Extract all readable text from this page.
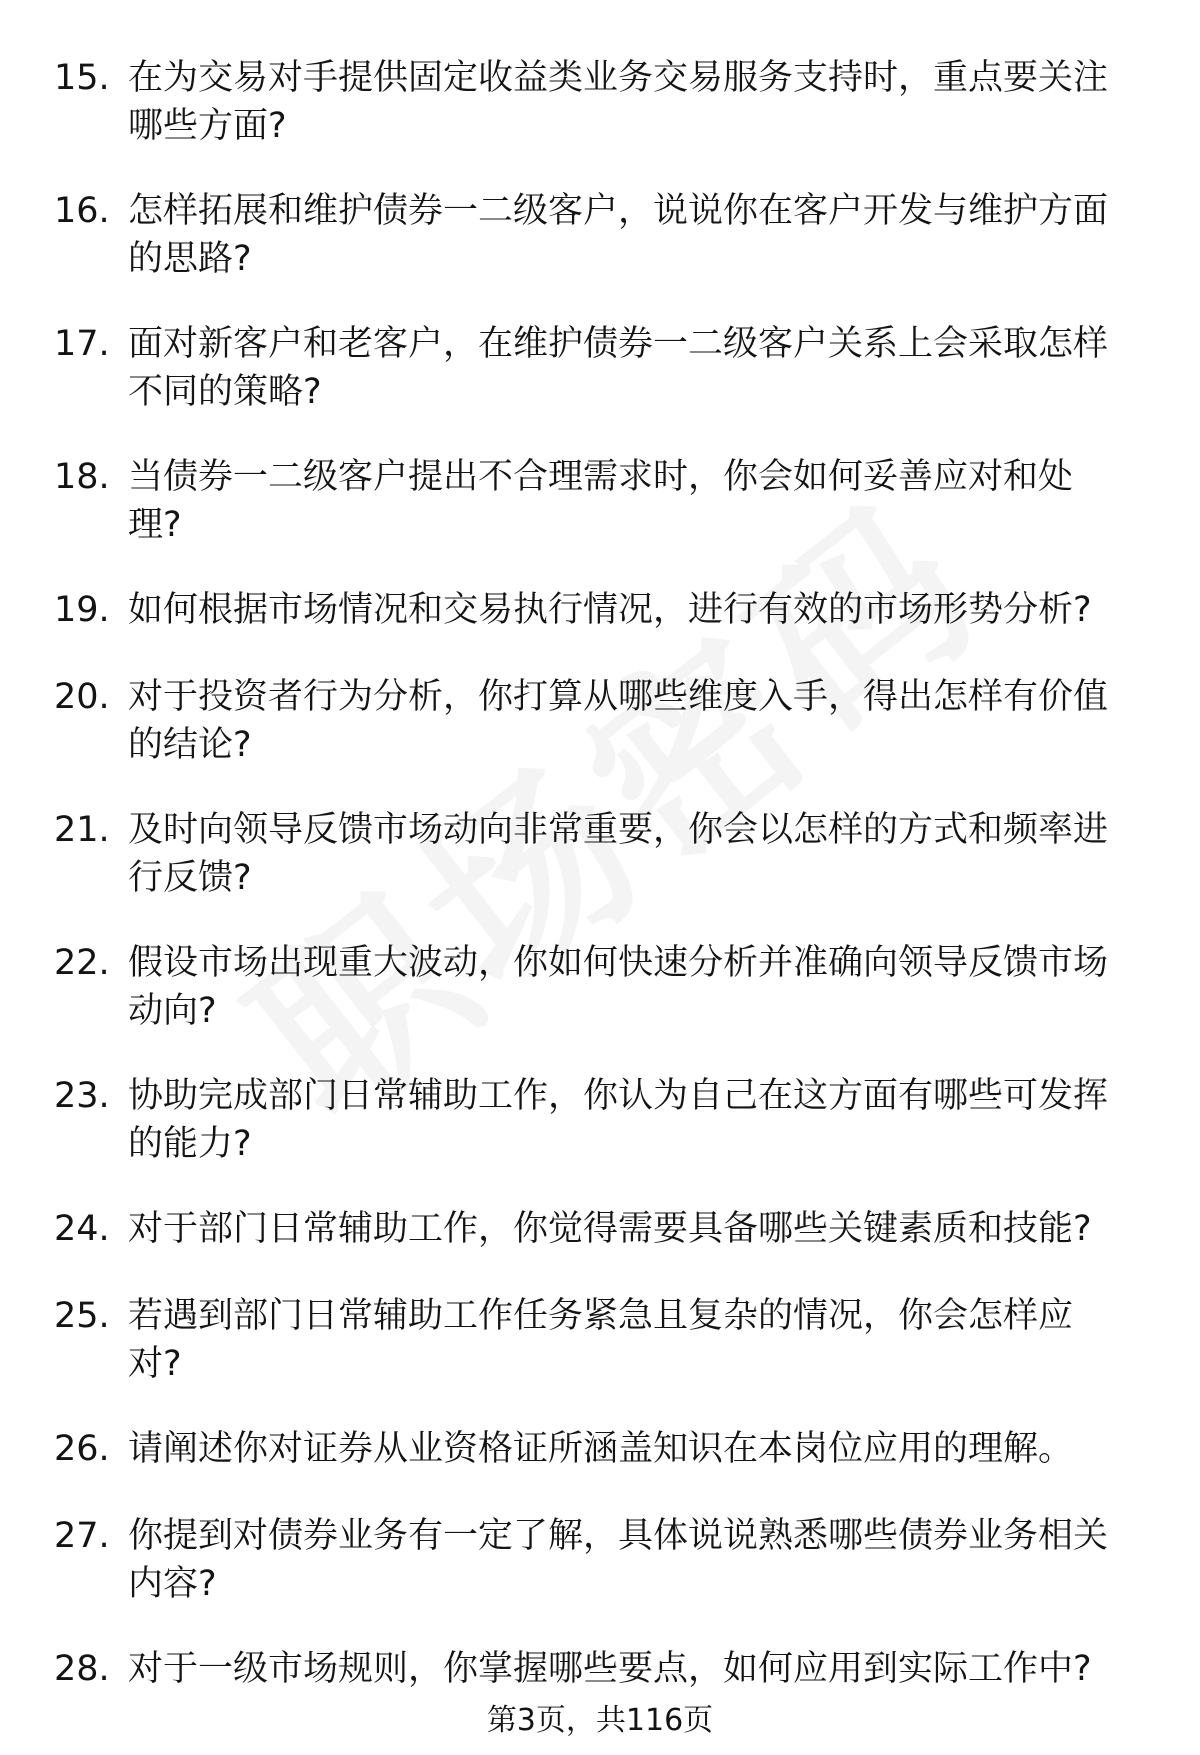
15. 在为交易对手提供固定收益类业务交易服务支持时，重点要关注
哪些方面?
16. 怎样拓展和维护债券一二级客户，说说你在客户开发与维护方面
的思路?
17. 面对新客户和老客户，在维护债券一二级客户关系上会采取怎样
不同的策略?
18. 当债券一二级客户提出不合理需求时，你会如何妥善应对和处
理?
19. 如何根据市场情况和交易执行情况，进行有效的市场形势分析?
20. 对于投资者行为分析，你打算从哪些维度入手，得出怎样有价值
的结论?
21. 及时向领导反馈市场动向非常重要，你会以怎样的方式和频率进
行反馈?
22. 假设市场出现重大波动，你如何快速分析并准确向领导反馈市场
动向?
23. 协助完成部门日常辅助工作，你认为自己在这方面有哪些可发挥
的能力?
24. 对于部门日常辅助工作，你觉得需要具备哪些关键素质和技能?
25. 若遇到部门日常辅助工作任务紧急且复杂的情况，你会怎样应
对?
26. 请阐述你对证券从业资格证所涵盖知识在本岗位应用的理解。
27. 你提到对债券业务有一定了解，具体说说熟悉哪些债券业务相关
内容?
28. 对于一级市场规则，你掌握哪些要点，如何应用到实际工作中?
第3页，共116页
